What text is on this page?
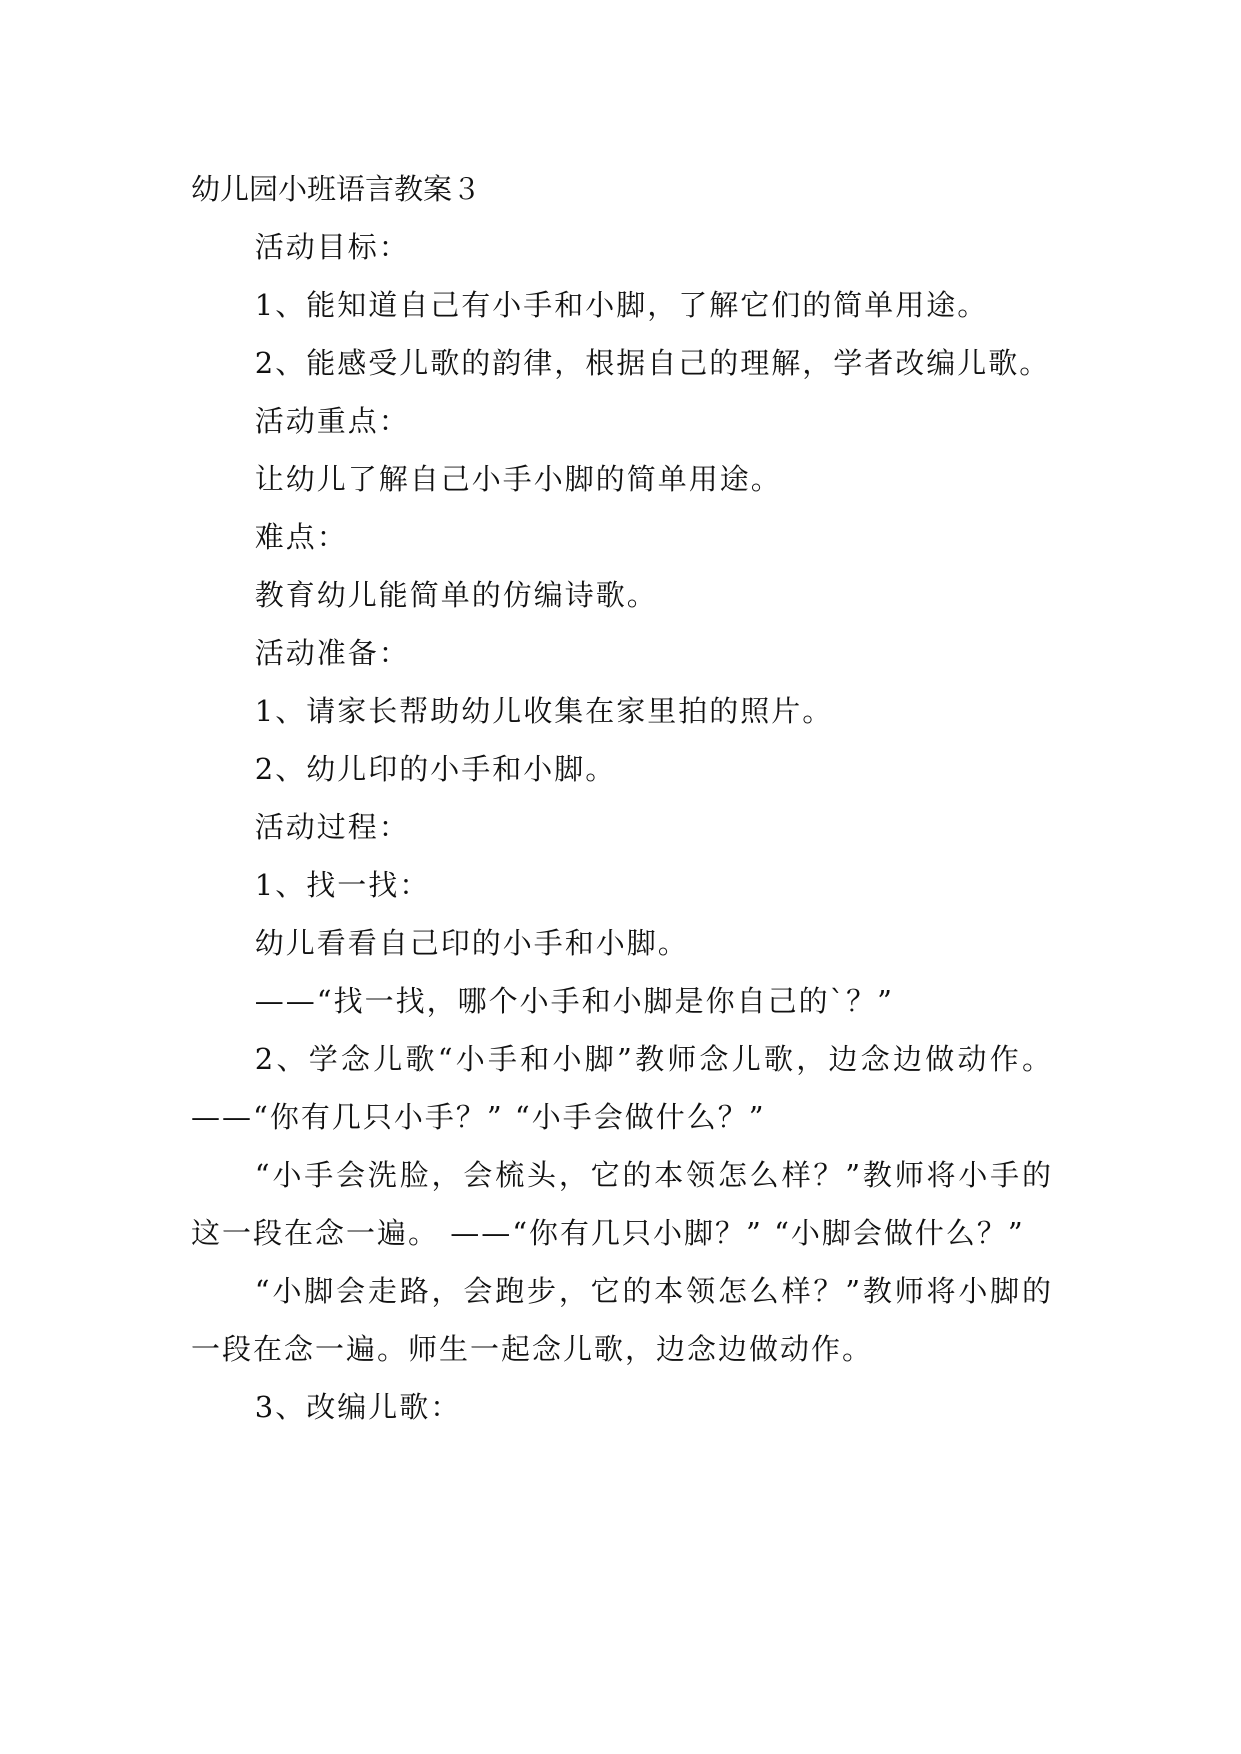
幼儿园小班语言教案３

活动目标：

1、能知道自己有小手和小脚，了解它们的简单用途。

2、能感受儿歌的韵律，根据自己的理解，学者改编儿歌。

活动重点：

让幼儿了解自己小手小脚的简单用途。

难点：

教育幼儿能简单的仿编诗歌。

活动准备：

1、请家长帮助幼儿收集在家里拍的照片。

2、幼儿印的小手和小脚。

活动过程：

1、找一找：

幼儿看看自己印的小手和小脚。

——“找一找，哪个小手和小脚是你自己的`？”

2、学念儿歌“小手和小脚”教师念儿歌，边念边做动作。 ——“你有几只小手？” “小手会做什么？”

“小手会洗脸，会梳头，它的本领怎么样？”教师将小手的这一段在念一遍。 ——“你有几只小脚？” “小脚会做什么？”

“小脚会走路，会跑步，它的本领怎么样？”教师将小脚的一段在念一遍。师生一起念儿歌，边念边做动作。

3、改编儿歌：
